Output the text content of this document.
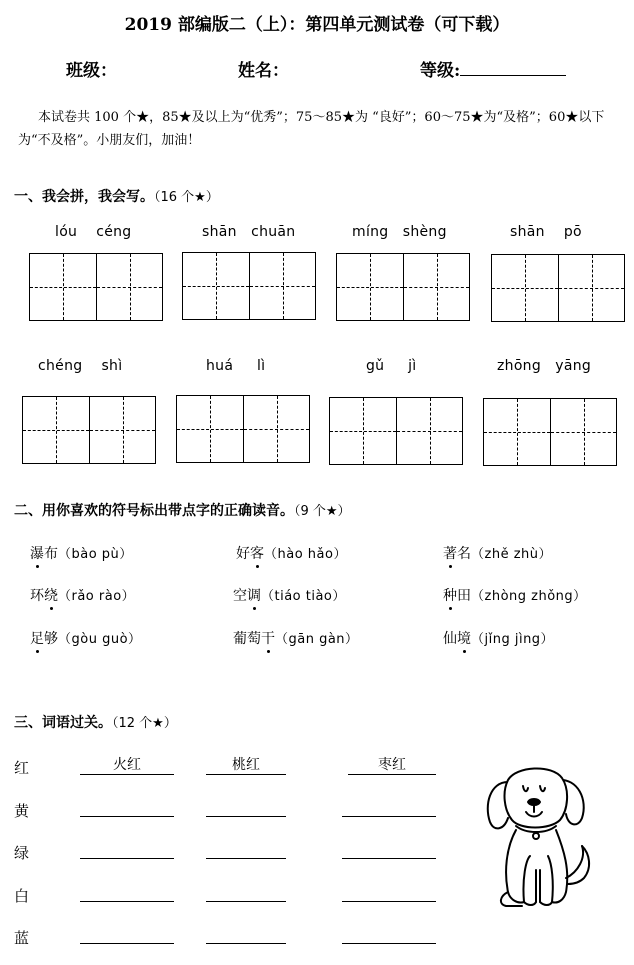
2019 部编版二（上）：第四单元测试卷（可下载）
班级：	姓名：	等级:
本试卷共 100 个★，85★及以上为“优秀”；75～85★为 “良好”；60～75★为“及格”；60★以下为“不及格”。小朋友们，加油！
一、我会拼，我会写。（16 个★）
lóu    céng	shān   chuān	míng   shèng	shān    pō
chéng    shì	huá     lì	gǔ     jì	zhōng   yāng
二、用你喜欢的符号标出带点字的正确读音。（9 个★）
瀑布（bào pù）	好客（hào hǎo）	著名（zhě zhù）
环绕（rǎo rào）	空调（tiáo tiào）	种田（zhòng zhǒng）
足够（gòu guò）	葡萄干（gān gàn）	仙境（jǐng jìng）
三、词语过关。（12 个★）
红	火红	桃红	枣红
黄
绿
白
蓝
